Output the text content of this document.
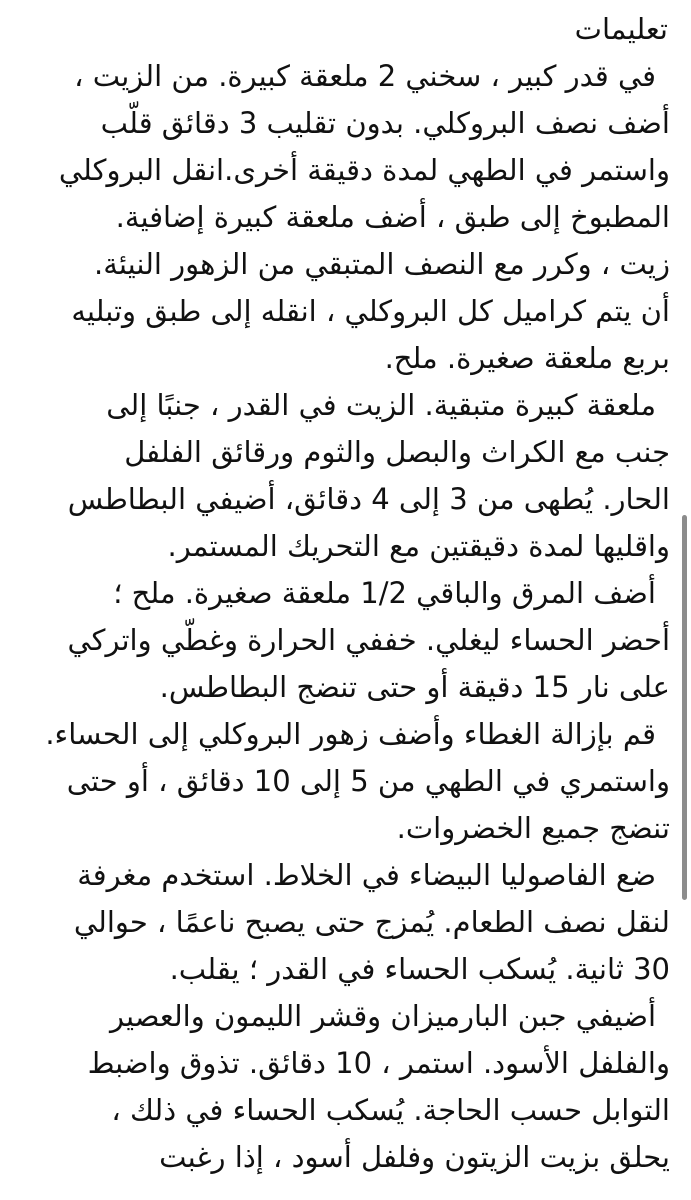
تعليمات

في قدر كبير ، سخني 2 ملعقة كبيرة. من الزيت ،
أضف نصف البروكلي. بدون تقليب 3 دقائق قلّب
واستمر في الطهي لمدة دقيقة أخرى.انقل البروكلي
المطبوخ إلى طبق ، أضف ملعقة كبيرة إضافية.
زيت ، وكرر مع النصف المتبقي من الزهور النيئة.
أن يتم كراميل كل البروكلي ، انقله إلى طبق وتبليه
بربع ملعقة صغيرة. ملح.

ملعقة كبيرة متبقية. الزيت في القدر ، جنبًا إلى
جنب مع الكراث والبصل والثوم ورقائق الفلفل
الحار. يُطهى من 3 إلى 4 دقائق، أضيفي البطاطس
واقليها لمدة دقيقتين مع التحريك المستمر.

أضف المرق والباقي 1/2 ملعقة صغيرة. ملح ؛
أحضر الحساء ليغلي. خففي الحرارة وغطّي واتركي
على نار 15 دقيقة أو حتى تنضج البطاطس.

قم بإزالة الغطاء وأضف زهور البروكلي إلى الحساء.
واستمري في الطهي من 5 إلى 10 دقائق ، أو حتى
تنضج جميع الخضروات.

ضع الفاصوليا البيضاء في الخلاط. استخدم مغرفة
لنقل نصف الطعام. يُمزج حتى يصبح ناعمًا ، حوالي
30 ثانية. يُسكب الحساء في القدر ؛ يقلب.

أضيفي جبن البارميزان وقشر الليمون والعصير
والفلفل الأسود. استمر ، 10 دقائق. تذوق واضبط
التوابل حسب الحاجة. يُسكب الحساء في ذلك ،
يحلق بزيت الزيتون وفلفل أسود ، إذا رغبت
